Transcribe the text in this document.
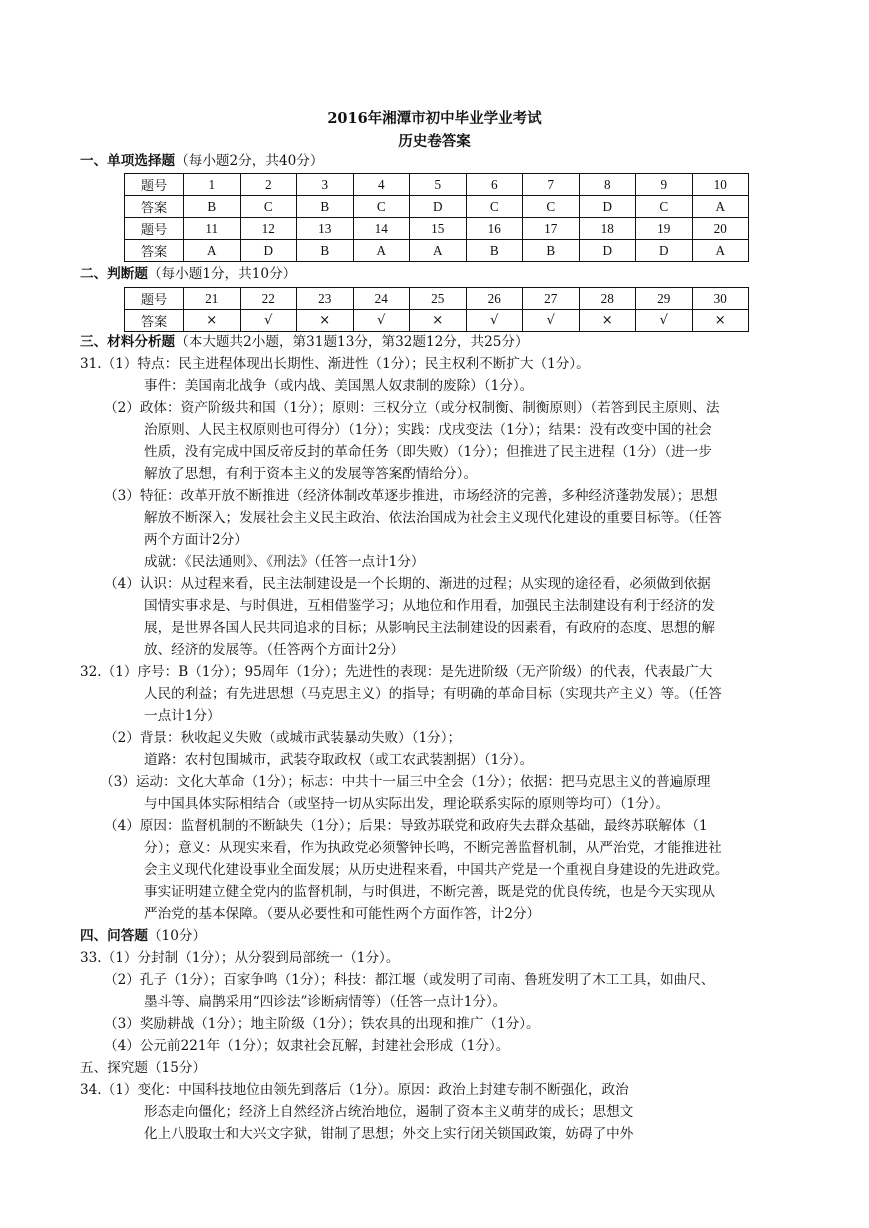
2016年湘潭市初中毕业学业考试
历史卷答案
一、单项选择题（每小题2分，共40分）
题号	1	2	3	4	5	6	7	8	9	10
答案	B	C	B	C	D	C	C	D	C	A
题号	11	12	13	14	15	16	17	18	19	20
答案	A	D	B	A	A	B	B	D	D	A
二、判断题（每小题1分，共10分）
题号	21	22	23	24	25	26	27	28	29	30
答案	×	√	×	√	×	√	√	×	√	×
三、材料分析题（本大题共2小题，第31题13分，第32题12分，共25分）
31.（1）特点：民主进程体现出长期性、渐进性（1分）；民主权利不断扩大（1分）。
事件：美国南北战争（或内战、美国黑人奴隶制的废除）（1分）。
（2）政体：资产阶级共和国（1分）；原则：三权分立（或分权制衡、制衡原则）（若答到民主原则、法
治原则、人民主权原则也可得分）（1分）；实践：戊戌变法（1分）；结果：没有改变中国的社会
性质，没有完成中国反帝反封的革命任务（即失败）（1分）；但推进了民主进程（1分）（进一步
解放了思想，有利于资本主义的发展等答案酌情给分）。
（3）特征：改革开放不断推进（经济体制改革逐步推进，市场经济的完善，多种经济蓬勃发展）；思想
解放不断深入；发展社会主义民主政治、依法治国成为社会主义现代化建设的重要目标等。（任答
两个方面计2分）
成就：《民法通则》、《刑法》（任答一点计1分）
（4）认识：从过程来看，民主法制建设是一个长期的、渐进的过程；从实现的途径看，必须做到依据
国情实事求是、与时俱进，互相借鉴学习；从地位和作用看，加强民主法制建设有利于经济的发
展，是世界各国人民共同追求的目标；从影响民主法制建设的因素看，有政府的态度、思想的解
放、经济的发展等。（任答两个方面计2分）
32.（1）序号：B（1分）；95周年（1分）；先进性的表现：是先进阶级（无产阶级）的代表，代表最广大
人民的利益；有先进思想（马克思主义）的指导；有明确的革命目标（实现共产主义）等。（任答
一点计1分）
（2）背景：秋收起义失败（或城市武装暴动失败）（1分）；
道路：农村包围城市，武装夺取政权（或工农武装割据）（1分）。
（3）运动：文化大革命（1分）；标志：中共十一届三中全会（1分）；依据：把马克思主义的普遍原理
与中国具体实际相结合（或坚持一切从实际出发，理论联系实际的原则等均可）（1分）。
（4）原因：监督机制的不断缺失（1分）；后果：导致苏联党和政府失去群众基础，最终苏联解体（1
分）；意义：从现实来看，作为执政党必须警钟长鸣，不断完善监督机制，从严治党，才能推进社
会主义现代化建设事业全面发展；从历史进程来看，中国共产党是一个重视自身建设的先进政党。
事实证明建立健全党内的监督机制，与时俱进，不断完善，既是党的优良传统，也是今天实现从
严治党的基本保障。（要从必要性和可能性两个方面作答，计2分）
四、问答题（10分）
33.（1）分封制（1分）；从分裂到局部统一（1分）。
（2）孔子（1分）；百家争鸣（1分）；科技：都江堰（或发明了司南、鲁班发明了木工工具，如曲尺、
墨斗等、扁鹊采用“四诊法”诊断病情等）（任答一点计1分）。
（3）奖励耕战（1分）；地主阶级（1分）；铁农具的出现和推广（1分）。
（4）公元前221年（1分）；奴隶社会瓦解，封建社会形成（1分）。
五、探究题（15分）
34.（1）变化：中国科技地位由领先到落后（1分）。原因：政治上封建专制不断强化，政治
形态走向僵化；经济上自然经济占统治地位，遏制了资本主义萌芽的成长；思想文
化上八股取士和大兴文字狱，钳制了思想；外交上实行闭关锁国政策，妨碍了中外
